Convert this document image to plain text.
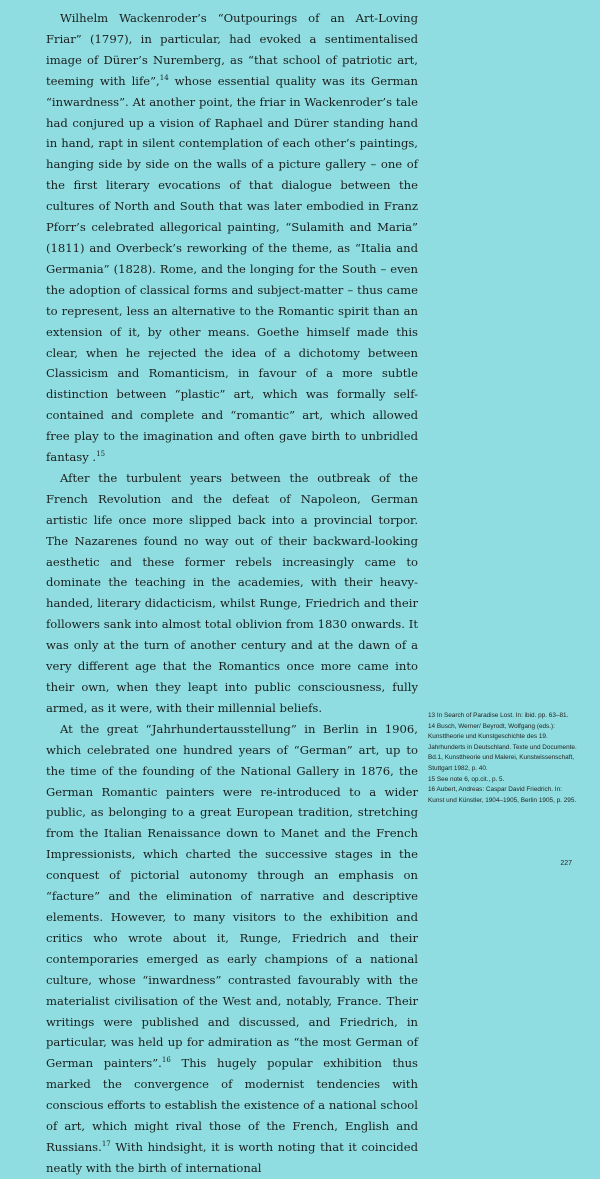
Wilhelm Wackenroder’s “Outpourings of an Art-Loving Friar” (1797), in particular, had evoked a sentimentalised image of Dürer’s Nuremberg, as “that school of patriotic art, teeming with life”,$^{14}$ whose essential quality was its German “inwardness”. At another point, the friar in Wackenroder’s tale had conjured up a vision of Raphael and Dürer standing hand in hand, rapt in silent contemplation of each other’s paintings, hanging side by side on the walls of a picture gallery – one of the first literary evocations of that dialogue between the cultures of North and South that was later embodied in Franz Pforr’s celebrated allegorical painting, “Sulamith and Maria” (1811) and Overbeck’s reworking of the theme, as “Italia and Germania” (1828). Rome, and the longing for the South – even the adoption of classical forms and subject-matter – thus came to represent, less an alternative to the Romantic spirit than an extension of it, by other means. Goethe himself made this clear, when he rejected the idea of a dichotomy between Classicism and Romanticism, in favour of a more subtle distinction between “plastic” art, which was formally self-contained and complete and “romantic” art, which allowed free play to the imagination and often gave birth to unbridled fantasy .$^{15}$

After the turbulent years between the outbreak of the French Revolution and the defeat of Napoleon, German artistic life once more slipped back into a provincial torpor. The Nazarenes found no way out of their backward-looking aesthetic and these former rebels increasingly came to dominate the teaching in the academies, with their heavy-handed, literary didacticism, whilst Runge, Friedrich and their followers sank into almost total oblivion from 1830 onwards. It was only at the turn of another century and at the dawn of a very different age that the Romantics once more came into their own, when they leapt into public consciousness, fully armed, as it were, with their millennial beliefs.

At the great “Jahrhundertausstellung” in Berlin in 1906, which celebrated one hundred years of “German” art, up to the time of the founding of the National Gallery in 1876, the German Romantic painters were re-introduced to a wider public, as belonging to a great European tradition, stretching from the Italian Renaissance down to Manet and the French Impressionists, which charted the successive stages in the conquest of pictorial autonomy through an emphasis on “facture” and the elimination of narrative and descriptive elements. However, to many visitors to the exhibition and critics who wrote about it, Runge, Friedrich and their contemporaries emerged as early champions of a national culture, whose “inwardness” contrasted favourably with the materialist civilisation of the West and, notably, France. Their writings were published and discussed, and Friedrich, in particular, was held up for admiration as “the most German of German painters”.$^{16}$ This hugely popular exhibition thus marked the convergence of modernist tendencies with conscious efforts to establish the existence of a national school of art, which might rival those of the French, English and Russians.$^{17}$ With hindsight, it is worth noting that it coincided neatly with the birth of international

13 In Search of Paradise Lost. In: ibid. pp. 63–81.

14 Busch, Werner/ Beyrodt, Wolfgang (eds.): Kunsttheorie und Kunstgeschichte des 19. Jahrhunderts in Deutschland. Texte und Documente. Bd.1, Kunsttheorie und Malerei, Kunstwissenschaft, Stuttgart 1982, p. 40.

15 See note 6, op.cit., p. 5.

16 Aubert, Andreas: Caspar David Friedrich. In: Kunst und Künstler, 1904–1905, Berlin 1905, p. 295.

227
